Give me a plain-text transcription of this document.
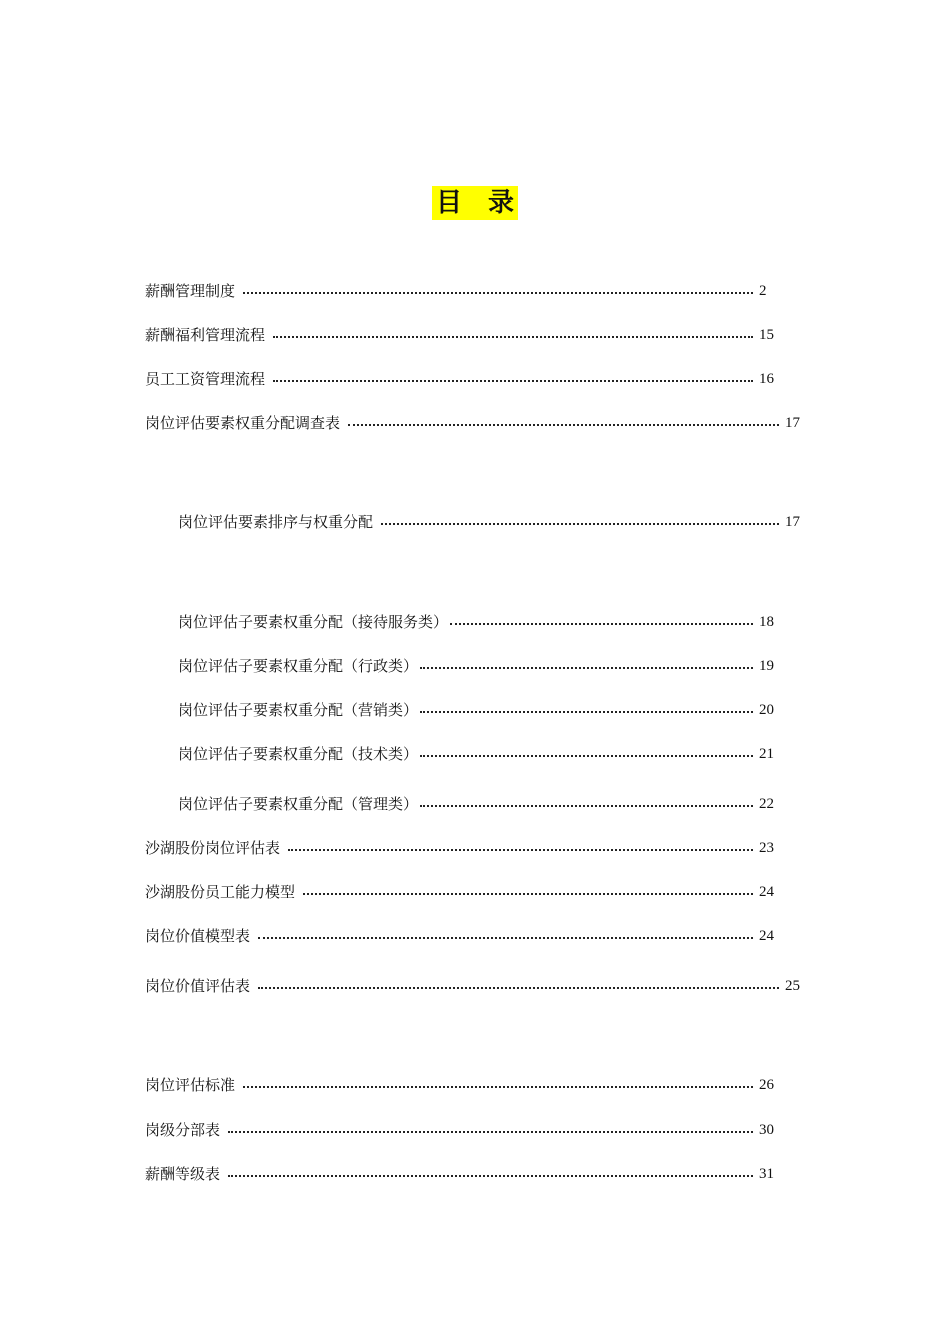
目　录
薪酬管理制度	2
薪酬福利管理流程	15
员工工资管理流程	16
岗位评估要素权重分配调查表	17
岗位评估要素排序与权重分配	17
岗位评估子要素权重分配（接待服务类）	18
岗位评估子要素权重分配（行政类）	19
岗位评估子要素权重分配（营销类）	20
岗位评估子要素权重分配（技术类）	21
岗位评估子要素权重分配（管理类）	22
沙湖股份岗位评估表	23
沙湖股份员工能力模型	24
岗位价值模型表	24
岗位价值评估表	25
岗位评估标准	26
岗级分部表	30
薪酬等级表	31
